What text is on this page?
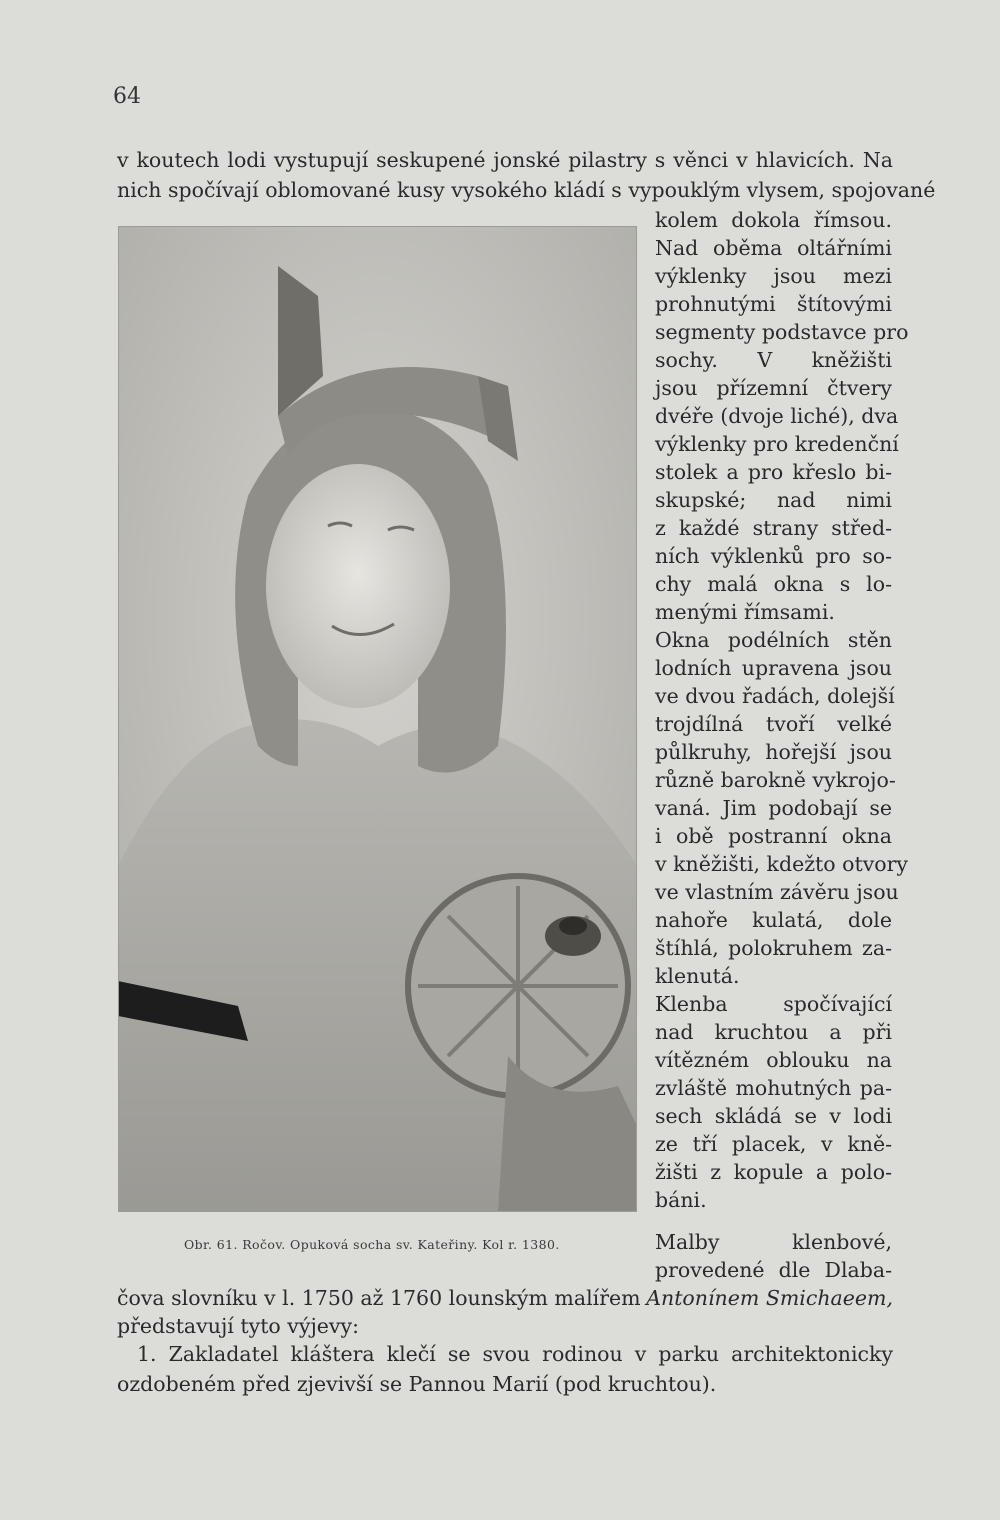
64
v koutech lodi vystupují seskupené jonské pilastry s věnci v hlavicích. Na
nich spočívají oblomované kusy vysokého kládí s vypouklým vlysem, spojované
Obr. 61. Ročov. Opuková socha sv. Kateřiny. Kol r. 1380.
kolem dokola římsou.
Nad oběma oltářními
výklenky jsou mezi
prohnutými štítovými
segmenty podstavce pro
sochy. V kněžišti
jsou přízemní čtvery
dvéře (dvoje liché), dva
výklenky pro kredenční
stolek a pro křeslo bi-
skupské; nad nimi
z každé strany střed-
ních výklenků pro so-
chy malá okna s lo-
menými římsami.
Okna podélních stěn
lodních upravena jsou
ve dvou řadách, dolejší
trojdílná tvoří velké
půlkruhy, hořejší jsou
různě barokně vykrojo-
vaná. Jim podobají se
i obě postranní okna
v kněžišti, kdežto otvory
ve vlastním závěru jsou
nahoře kulatá, dole
štíhlá, polokruhem za-
klenutá.
Klenba spočívající
nad kruchtou a při
vítězném oblouku na
zvláště mohutných pa-
sech skládá se v lodi
ze tří placek, v kně-
žišti z kopule a polo-
báni.
Malby klenbové,
provedené dle Dlaba-
čova slovníku v l. 1750 až 1760 lounským malířem Antonínem Smichaeem,
představují tyto výjevy:
1. Zakladatel kláštera klečí se svou rodinou v parku architektonicky
ozdobeném před zjevivší se Pannou Marií (pod kruchtou).
